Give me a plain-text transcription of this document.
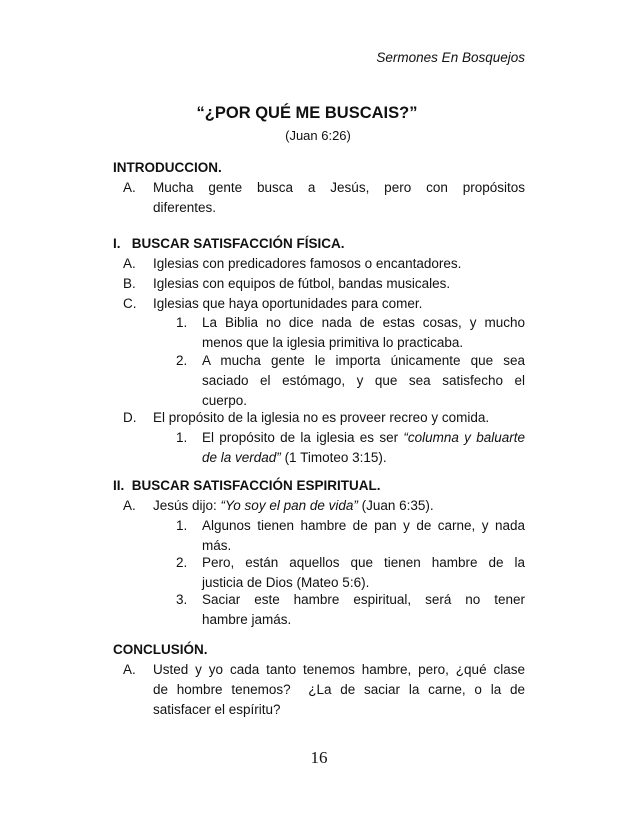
Sermones En Bosquejos
“¿POR QUÉ ME BUSCAIS?”
(Juan 6:26)
INTRODUCCION.
A. Mucha gente busca a Jesús, pero con propósitos
diferentes.
I.   BUSCAR SATISFACCIÓN FÍSICA.
A. Iglesias con predicadores famosos o encantadores.
B. Iglesias con equipos de fútbol, bandas musicales.
C. Iglesias que haya oportunidades para comer.
1. La Biblia no dice nada de estas cosas, y mucho
menos que la iglesia primitiva lo practicaba.
2. A mucha gente le importa únicamente que sea
saciado el estómago, y que sea satisfecho el
cuerpo.
D. El propósito de la iglesia no es proveer recreo y comida.
1. El propósito de la iglesia es ser “columna y baluarte
de la verdad” (1 Timoteo 3:15).
II.  BUSCAR SATISFACCIÓN ESPIRITUAL.
A. Jesús dijo: “Yo soy el pan de vida” (Juan 6:35).
1. Algunos tienen hambre de pan y de carne, y nada
más.
2. Pero, están aquellos que tienen hambre de la
justicia de Dios (Mateo 5:6).
3. Saciar este hambre espiritual, será no tener
hambre jamás.
CONCLUSIÓN.
A. Usted y yo cada tanto tenemos hambre, pero, ¿qué clase
de hombre tenemos?  ¿La de saciar la carne, o la de
satisfacer el espíritu?
16
